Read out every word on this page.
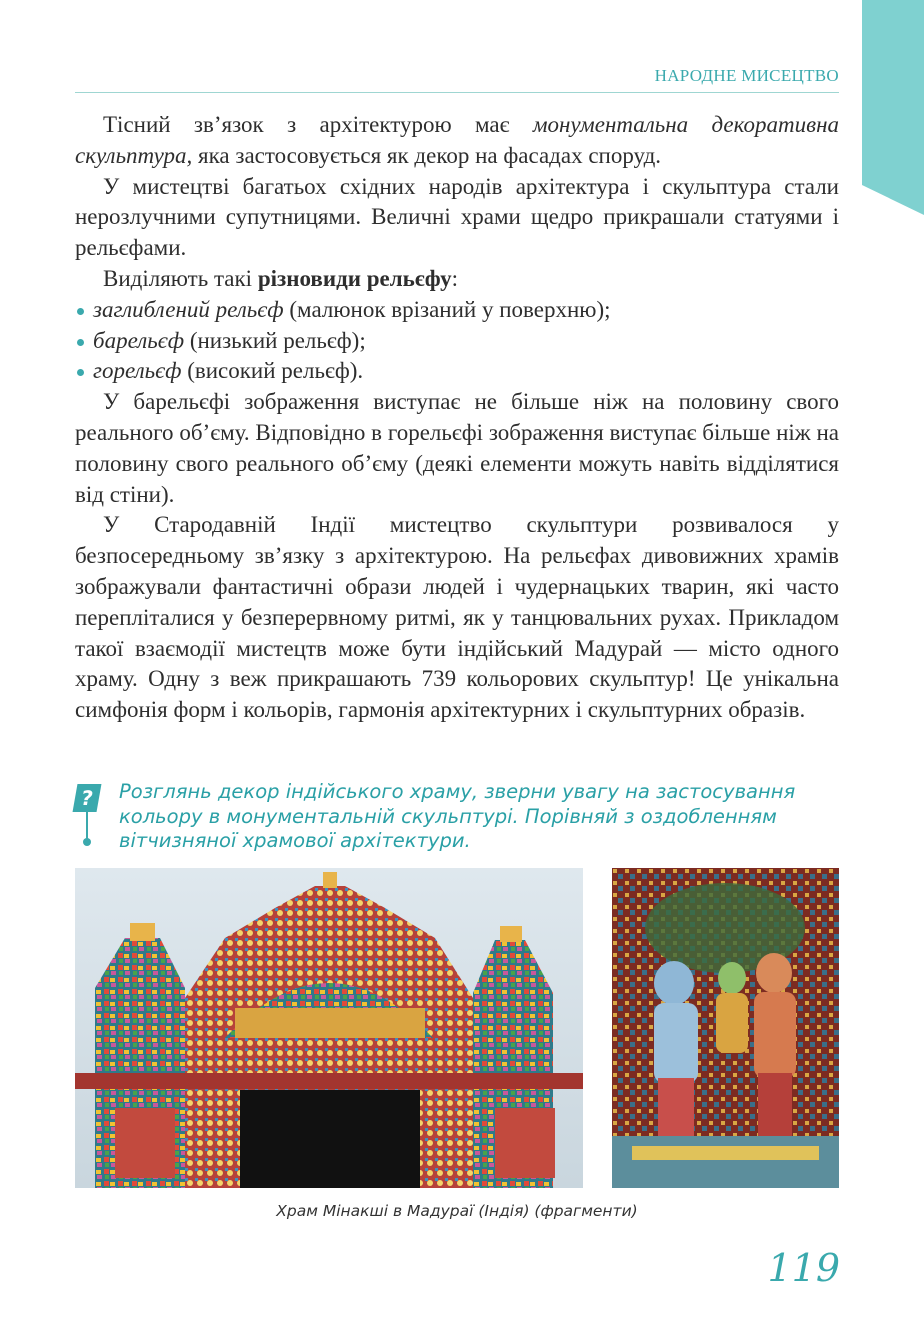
НАРОДНЕ МИСЕЦТВО

Тісний зв’язок з архітектурою має монументальна декоративна скульптура, яка застосовується як декор на фасадах споруд.

У мистецтві багатьох східних народів архітектура і скульптура стали нерозлучними супутницями. Величні храми щедро прикрашали статуями і рельєфами.

Виділяють такі різновиди рельєфу:

заглиблений рельєф (малюнок врізаний у поверхню);
барельєф (низький рельєф);
горельєф (високий рельєф).

У барельєфі зображення виступає не більше ніж на половину свого реального об’єму. Відповідно в горельєфі зображення виступає більше ніж на половину свого реального об’єму (деякі елементи можуть навіть відділятися від стіни).

У Стародавній Індії мистецтво скульптури розвивалося у безпосередньому зв’язку з архітектурою. На рельєфах дивовижних храмів зображували фантастичні образи людей і чудернацьких тварин, які часто перепліталися у безперервному ритмі, як у танцювальних рухах. Прикладом такої взаємодії мистецтв може бути індійський Мадурай — місто одного храму. Одну з веж прикрашають 739 кольорових скульптур! Це унікальна симфонія форм і кольорів, гармонія архітектурних і скульптурних образів.

?	Розглянь декор індійського храму, зверни увагу на застосування кольору в монументальній скульптурі. Порівняй з оздобленням вітчизняної храмової архітектури.
Храм Мінакші в Мадураї (Індія) (фрагменти)
119
